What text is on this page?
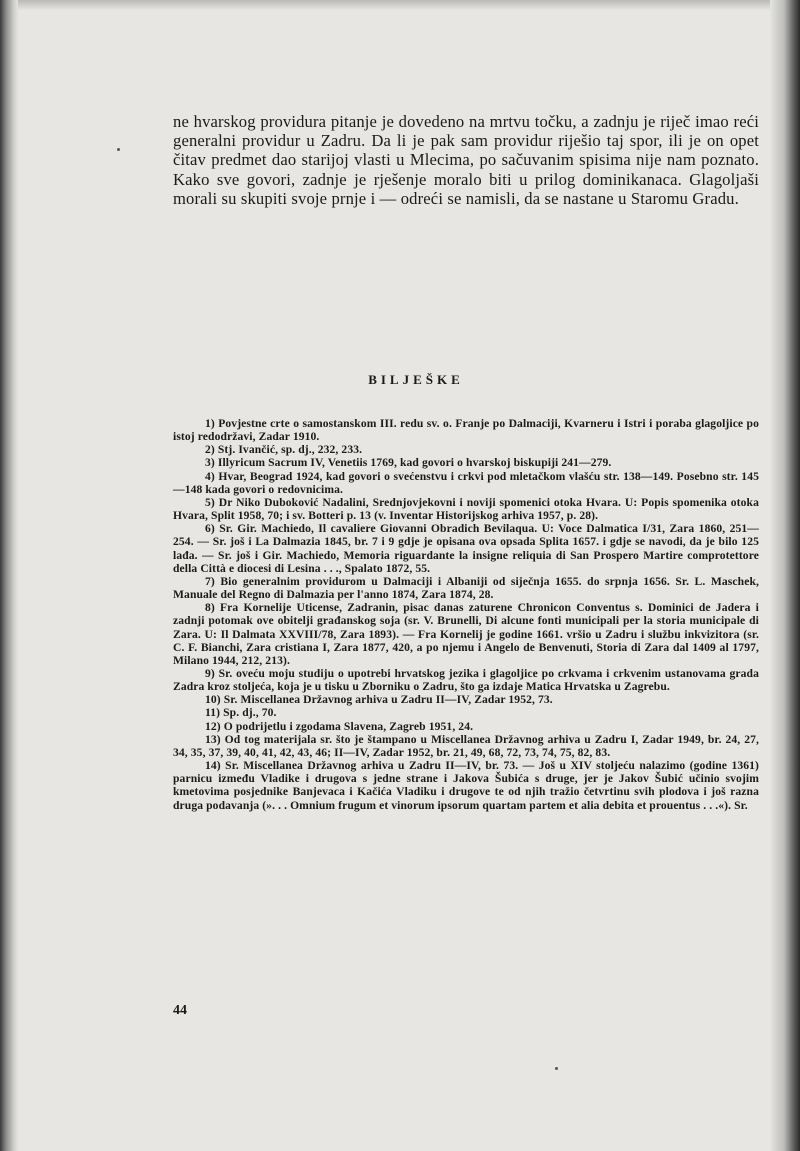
ne hvarskog providura pitanje je dovedeno na mrtvu točku, a zadnju je riječ imao reći generalni providur u Zadru. Da li je pak sam providur riješio taj spor, ili je on opet čitav predmet dao starijoj vlasti u Mlecima, po sačuvanim spisima nije nam poznato. Kako sve govori, zadnje je rješenje moralo biti u prilog dominikanaca. Glagoljaši morali su skupiti svoje prnje i — odreći se namisli, da se nastane u Staromu Gradu.

BILJEŠKE

1) Povjestne crte o samostanskom III. redu sv. o. Franje po Dalmaciji, Kvarneru i Istri i poraba glagoljice po istoj redodržavi, Zadar 1910.

2) Stj. Ivančić, sp. dj., 232, 233.

3) Illyricum Sacrum IV, Venetiis 1769, kad govori o hvarskoj biskupiji 241—279.

4) Hvar, Beograd 1924, kad govori o svećenstvu i crkvi pod mletačkom vlašću str. 138—149. Posebno str. 145—148 kada govori o redovnicima.

5) Dr Niko Duboković Nadalini, Srednjovjekovni i noviji spomenici otoka Hvara. U: Popis spomenika otoka Hvara, Split 1958, 70; i sv. Botteri p. 13 (v. Inventar Historijskog arhiva 1957, p. 28).

6) Sr. Gir. Machiedo, Il cavaliere Giovanni Obradich Bevilaqua. U: Voce Dalmatica I/31, Zara 1860, 251—254. — Sr. još i La Dalmazia 1845, br. 7 i 9 gdje je opisana ova opsada Splita 1657. i gdje se navodi, da je bilo 125 lađa. — Sr. još i Gir. Machiedo, Memoria riguardante la insigne reliquia di San Prospero Martire comprotettore della Città e diocesi di Lesina . . ., Spalato 1872, 55.

7) Bio generalnim providurom u Dalmaciji i Albaniji od siječnja 1655. do srpnja 1656. Sr. L. Maschek, Manuale del Regno di Dalmazia per l'anno 1874, Zara 1874, 28.

8) Fra Kornelije Uticense, Zadranin, pisac danas zaturene Chronicon Conventus s. Dominici de Jadera i zadnji potomak ove obitelji građanskog soja (sr. V. Brunelli, Di alcune fonti municipali per la storia municipale di Zara. U: Il Dalmata XXVIII/78, Zara 1893). — Fra Kornelij je godine 1661. vršio u Zadru i službu inkvizitora (sr. C. F. Bianchi, Zara cristiana I, Zara 1877, 420, a po njemu i Angelo de Benvenuti, Storia di Zara dal 1409 al 1797, Milano 1944, 212, 213).

9) Sr. oveću moju studiju o upotrebi hrvatskog jezika i glagoljice po crkvama i crkvenim ustanovama grada Zadra kroz stoljeća, koja je u tisku u Zborniku o Zadru, što ga izdaje Matica Hrvatska u Zagrebu.

10) Sr. Miscellanea Državnog arhiva u Zadru II—IV, Zadar 1952, 73.

11) Sp. dj., 70.

12) O podrijetlu i zgodama Slavena, Zagreb 1951, 24.

13) Od tog materijala sr. što je štampano u Miscellanea Državnog arhiva u Zadru I, Zadar 1949, br. 24, 27, 34, 35, 37, 39, 40, 41, 42, 43, 46; II—IV, Zadar 1952, br. 21, 49, 68, 72, 73, 74, 75, 82, 83.

14) Sr. Miscellanea Državnog arhiva u Zadru II—IV, br. 73. — Još u XIV stoljeću nalazimo (godine 1361) parnicu između Vladike i drugova s jedne strane i Jakova Šubića s druge, jer je Jakov Šubić učinio svojim kmetovima posjednike Banjevaca i Kačića Vladiku i drugove te od njih tražio četvrtinu svih plodova i još razna druga podavanja (». . . Omnium frugum et vinorum ipsorum quartam partem et alia debita et prouentus . . .«). Sr.

44
